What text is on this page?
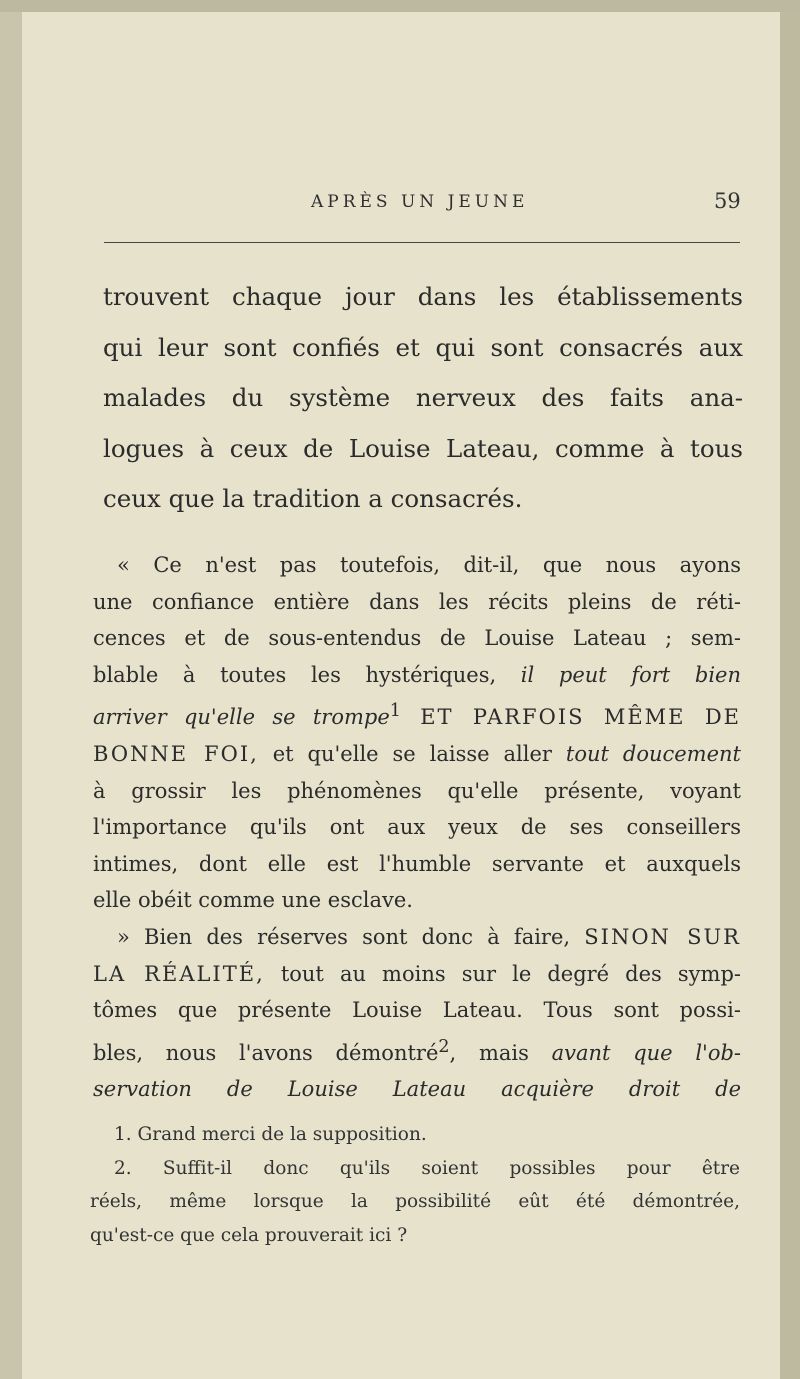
APRÈS UN JEUNE	59
trouvent chaque jour dans les établissements
qui leur sont confiés et qui sont consacrés aux
malades du système nerveux des faits ana-
logues à ceux de Louise Lateau, comme à tous
ceux que la tradition a consacrés.
« Ce n'est pas toutefois, dit-il, que nous ayons
une confiance entière dans les récits pleins de réti-
cences et de sous-entendus de Louise Lateau ; sem-
blable à toutes les hystériques, il peut fort bien
arriver qu'elle se trompe$^1$ ET PARFOIS MÊME DE
BONNE FOI, et qu'elle se laisse aller tout doucement
à grossir les phénomènes qu'elle présente, voyant
l'importance qu'ils ont aux yeux de ses conseillers
intimes, dont elle est l'humble servante et auxquels
elle obéit comme une esclave.
» Bien des réserves sont donc à faire, SINON SUR
LA RÉALITÉ, tout au moins sur le degré des symp-
tômes que présente Louise Lateau. Tous sont possi-
bles, nous l'avons démontré$^2$, mais avant que l'ob-
servation de Louise Lateau acquière droit de
1. Grand merci de la supposition.
2. Suffit-il donc qu'ils soient possibles pour être
réels, même lorsque la possibilité eût été démontrée,
qu'est-ce que cela prouverait ici ?
